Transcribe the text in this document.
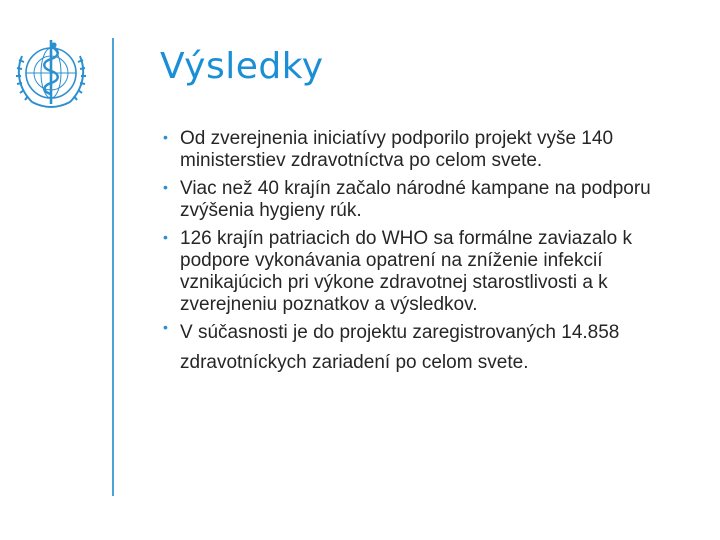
Výsledky
• Od zverejnenia iniciatívy podporilo projekt vyše 140 ministerstiev zdravotníctva po celom svete.
• Viac než 40 krajín začalo národné kampane na podporu zvýšenia hygieny rúk.
• 126 krajín patriacich do WHO sa formálne zaviazalo k podpore vykonávania opatrení na zníženie infekcií vznikajúcich pri výkone zdravotnej starostlivosti a k zverejneniu poznatkov a výsledkov.
• V súčasnosti je do projektu zaregistrovaných 14.858 zdravotníckych zariadení po celom svete.
